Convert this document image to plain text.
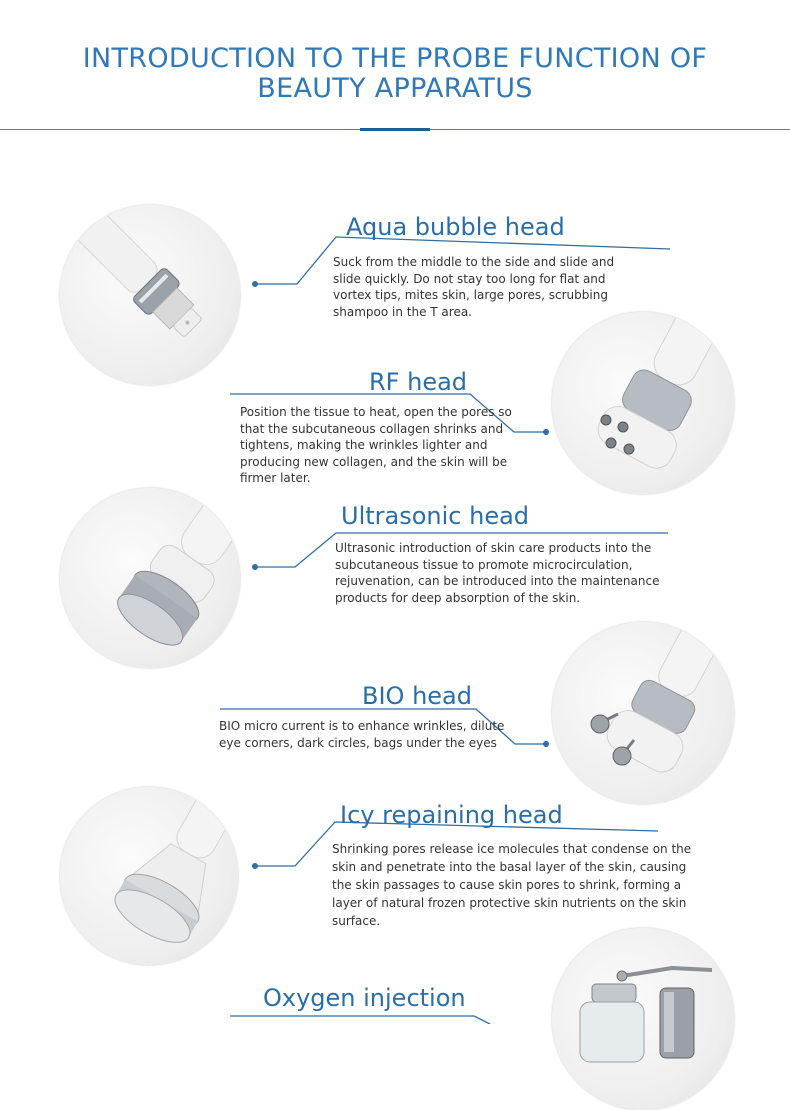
INTRODUCTION TO THE PROBE FUNCTION OF
BEAUTY APPARATUS
Aqua bubble head
Suck from the middle to the side and slide and slide quickly. Do not stay too long for flat and vortex tips, mites skin, large pores, scrubbing shampoo in the T area.
RF head
Position the tissue to heat, open the pores so that the subcutaneous collagen shrinks and tightens, making the wrinkles lighter and producing new collagen, and the skin will be firmer later.
Ultrasonic head
Ultrasonic introduction of skin care products into the subcutaneous tissue to promote microcirculation, rejuvenation, can be introduced into the maintenance products for deep absorption of the skin.
BIO head
BIO micro current is to enhance wrinkles, dilute eye corners, dark circles, bags under the eyes
Icy repaining head
Shrinking pores release ice molecules that condense on the skin and penetrate into the basal layer of the skin, causing the skin passages to cause skin pores to shrink, forming a layer of natural frozen protective skin nutrients on the skin surface.
Oxygen injection
